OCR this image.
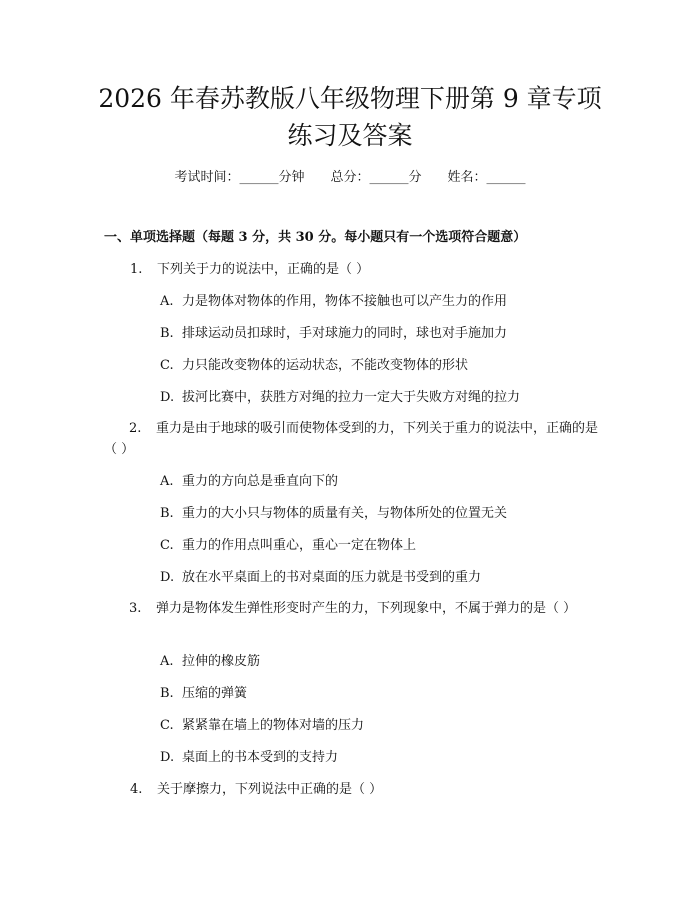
2026 年春苏教版八年级物理下册第 9 章专项
练习及答案
考试时间：______分钟 总分：______分 姓名：______
一、单项选择题（每题 3 分，共 30 分。每小题只有一个选项符合题意）
1. 下列关于力的说法中，正确的是（ ）
A. 力是物体对物体的作用，物体不接触也可以产生力的作用
B. 排球运动员扣球时，手对球施力的同时，球也对手施加力
C. 力只能改变物体的运动状态，不能改变物体的形状
D. 拔河比赛中，获胜方对绳的拉力一定大于失败方对绳的拉力
2. 重力是由于地球的吸引而使物体受到的力，下列关于重力的说法中，正确的是（ ）
A. 重力的方向总是垂直向下的
B. 重力的大小只与物体的质量有关，与物体所处的位置无关
C. 重力的作用点叫重心，重心一定在物体上
D. 放在水平桌面上的书对桌面的压力就是书受到的重力
3. 弹力是物体发生弹性形变时产生的力，下列现象中，不属于弹力的是（ ）
A. 拉伸的橡皮筋
B. 压缩的弹簧
C. 紧紧靠在墙上的物体对墙的压力
D. 桌面上的书本受到的支持力
4. 关于摩擦力，下列说法中正确的是（ ）
